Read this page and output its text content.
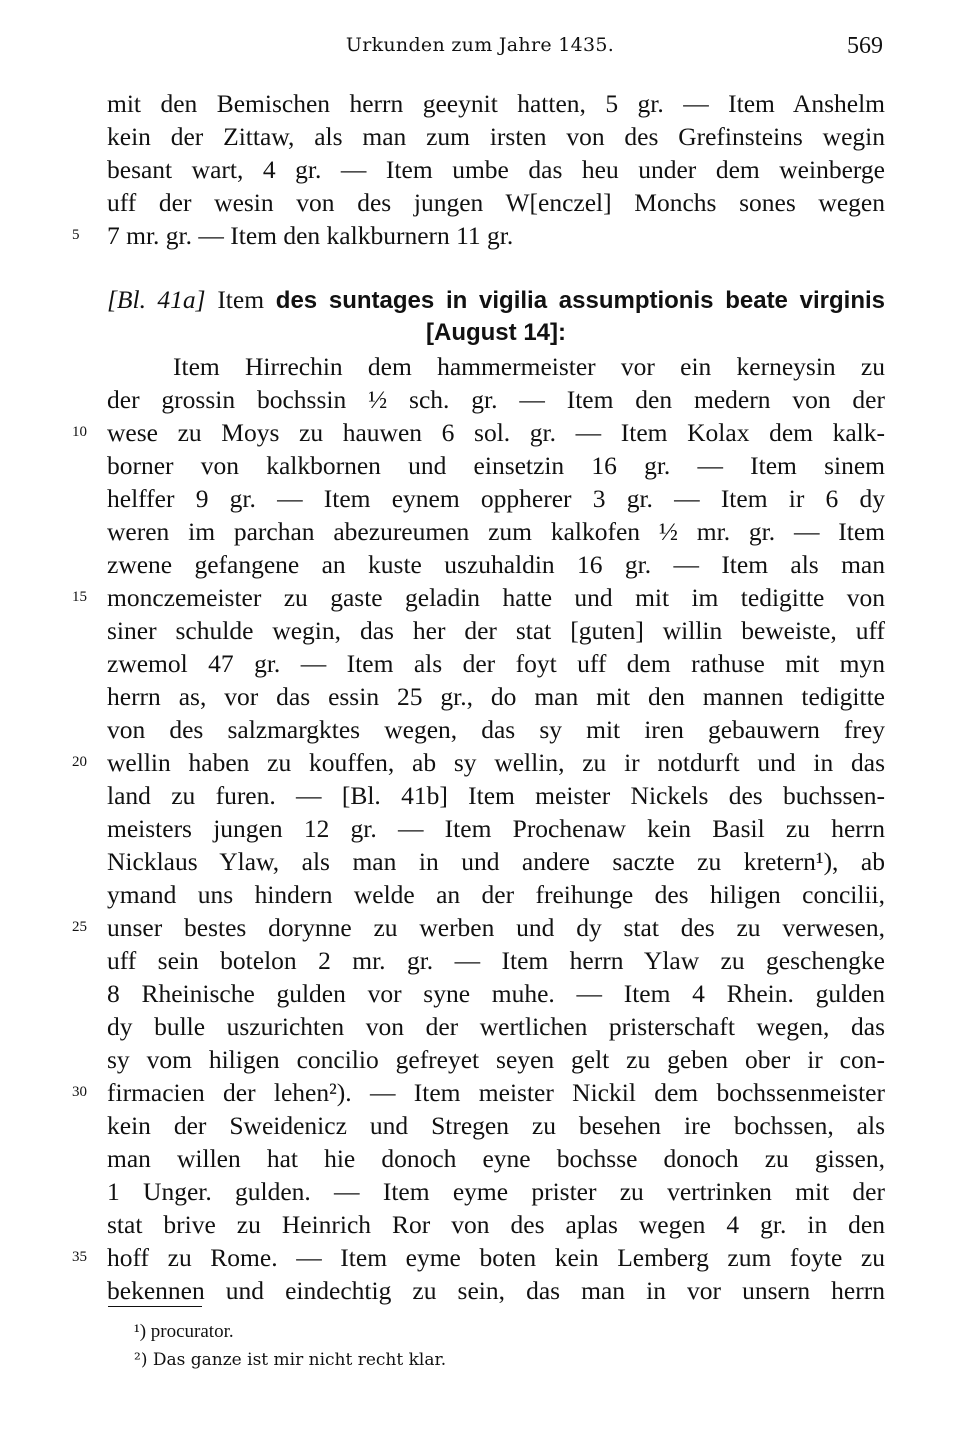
Urkunden zum Jahre 1435.	569
mit den Bemischen herrn geeynit hatten, 5 gr. — Item Anshelm
kein der Zittaw, als man zum irsten von des Grefinsteins wegin
besant wart, 4 gr. — Item umbe das heu under dem weinberge
uff der wesin von des jungen W[enczel] Monchs sones wegen
5	7 mr. gr. — Item den kalkburnern 11 gr.
[Bl. 41a] Item des suntages in vigilia assumptionis beate virginis
[August 14]:
Item Hirrechin dem hammermeister vor ein kerneysin zu
der grossin bochssin ½ sch. gr. — Item den medern von der
10 wese zu Moys zu hauwen 6 sol. gr. — Item Kolax dem kalk-
borner von kalkbornen und einsetzin 16 gr. — Item sinem
helffer 9 gr. — Item eynem oppherer 3 gr. — Item ir 6 dy
weren im parchan abezureumen zum kalkofen ½ mr. gr. — Item
zwene gefangene an kuste uszuhaldin 16 gr. — Item als man
15 monczemeister zu gaste geladin hatte und mit im tedigitte von
siner schulde wegin, das her der stat [guten] willin beweiste, uff
zwemol 47 gr. — Item als der foyt uff dem rathuse mit myn
herrn as, vor das essin 25 gr., do man mit den mannen tedigitte
von des salzmargktes wegen, das sy mit iren gebauwern frey
20 wellin haben zu kouffen, ab sy wellin, zu ir notdurft und in das
land zu furen. — [Bl. 41b] Item meister Nickels des buchssen-
meisters jungen 12 gr. — Item Prochenaw kein Basil zu herrn
Nicklaus Ylaw, als man in und andere saczte zu kretern¹), ab
ymand uns hindern welde an der freihunge des hiligen concilii,
25 unser bestes dorynne zu werben und dy stat des zu verwesen,
uff sein botelon 2 mr. gr. — Item herrn Ylaw zu geschengke
8 Rheinische gulden vor syne muhe. — Item 4 Rhein. gulden
dy bulle uszurichten von der wertlichen pristerschaft wegen, das
sy vom hiligen concilio gefreyet seyen gelt zu geben ober ir con-
30 firmacien der lehen²). — Item meister Nickil dem bochssenmeister
kein der Sweidenicz und Stregen zu besehen ire bochssen, als
man willen hat hie donoch eyne bochsse donoch zu gissen,
1 Unger. gulden. — Item eyme prister zu vertrinken mit der
stat brive zu Heinrich Ror von des aplas wegen 4 gr. in den
35 hoff zu Rome. — Item eyme boten kein Lemberg zum foyte zu
bekennen und eindechtig zu sein, das man in vor unsern herrn
¹) procurator.
²) Das ganze ist mir nicht recht klar.
